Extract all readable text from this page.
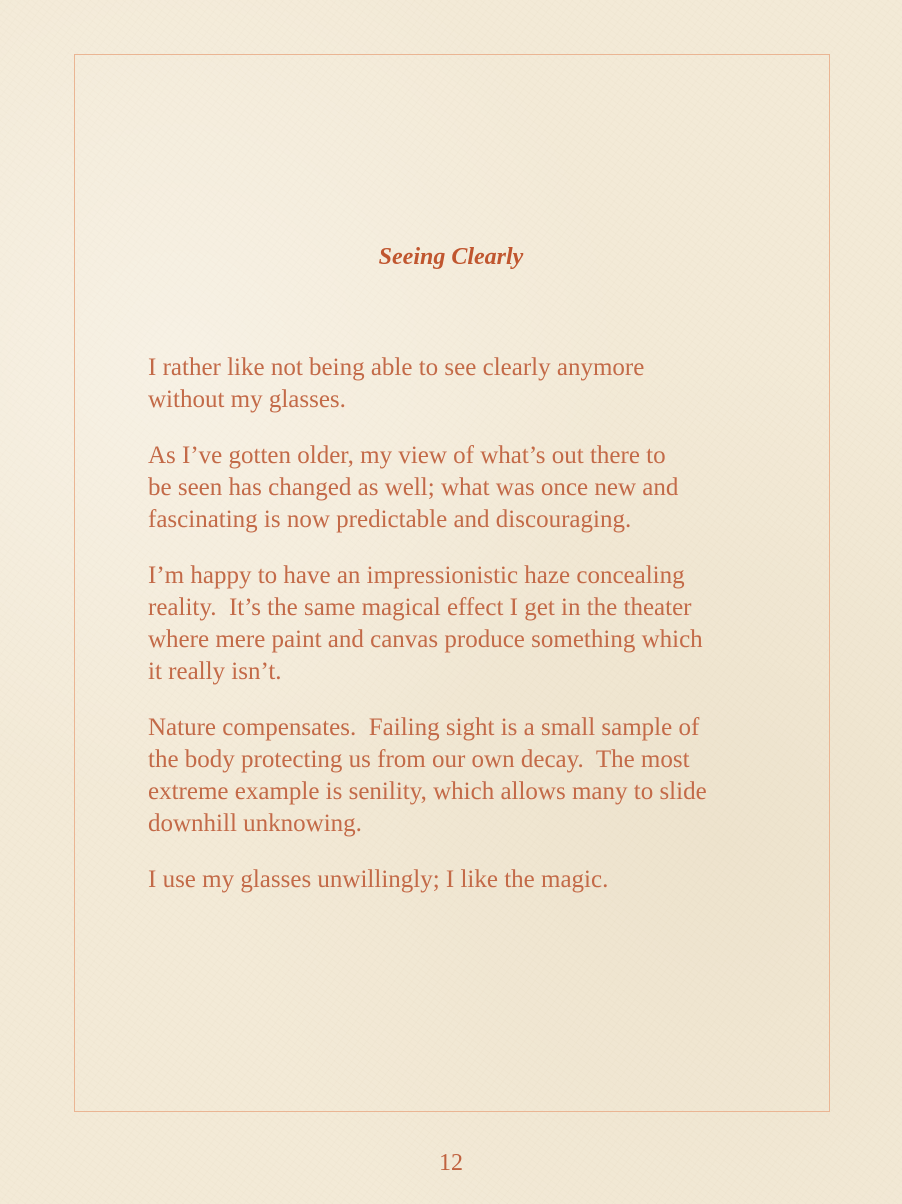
Seeing Clearly

I rather like not being able to see clearly anymore
without my glasses.

As I’ve gotten older, my view of what’s out there to
be seen has changed as well; what was once new and
fascinating is now predictable and discouraging.

I’m happy to have an impressionistic haze concealing
reality.  It’s the same magical effect I get in the theater
where mere paint and canvas produce something which
it really isn’t.

Nature compensates.  Failing sight is a small sample of
the body protecting us from our own decay.  The most
extreme example is senility, which allows many to slide
downhill unknowing.

I use my glasses unwillingly; I like the magic.

12
